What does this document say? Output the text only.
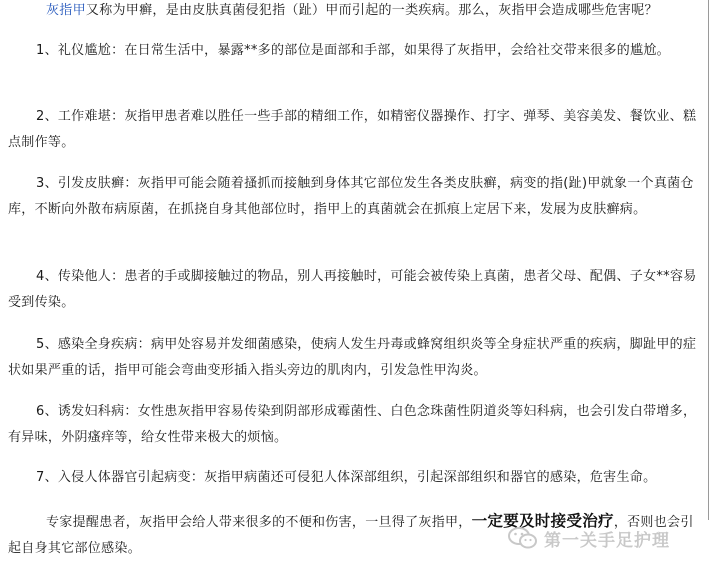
灰指甲又称为甲癣，是由皮肤真菌侵犯指（趾）甲而引起的一类疾病。那么，灰指甲会造成哪些危害呢？

1、礼仪尴尬：在日常生活中，暴露**多的部位是面部和手部，如果得了灰指甲，会给社交带来很多的尴尬。

2、工作难堪：灰指甲患者难以胜任一些手部的精细工作，如精密仪器操作、打字、弹琴、美容美发、餐饮业、糕点制作等。

3、引发皮肤癣：灰指甲可能会随着搔抓而接触到身体其它部位发生各类皮肤癣，病变的指(趾)甲就象一个真菌仓库，不断向外散布病原菌，在抓挠自身其他部位时，指甲上的真菌就会在抓痕上定居下来，发展为皮肤癣病。

4、传染他人：患者的手或脚接触过的物品，别人再接触时，可能会被传染上真菌，患者父母、配偶、子女**容易受到传染。

5、感染全身疾病：病甲处容易并发细菌感染，使病人发生丹毒或蜂窝组织炎等全身症状严重的疾病，脚趾甲的症状如果严重的话，指甲可能会弯曲变形插入指头旁边的肌肉内，引发急性甲沟炎。

6、诱发妇科病：女性患灰指甲容易传染到阴部形成霉菌性、白色念珠菌性阴道炎等妇科病，也会引发白带增多，有异味，外阴瘙痒等，给女性带来极大的烦恼。

7、入侵人体器官引起病变：灰指甲病菌还可侵犯人体深部组织，引起深部组织和器官的感染，危害生命。

专家提醒患者，灰指甲会给人带来很多的不便和伤害，一旦得了灰指甲，一定要及时接受治疗，否则也会引起自身其它部位感染。	第一关手足护理
